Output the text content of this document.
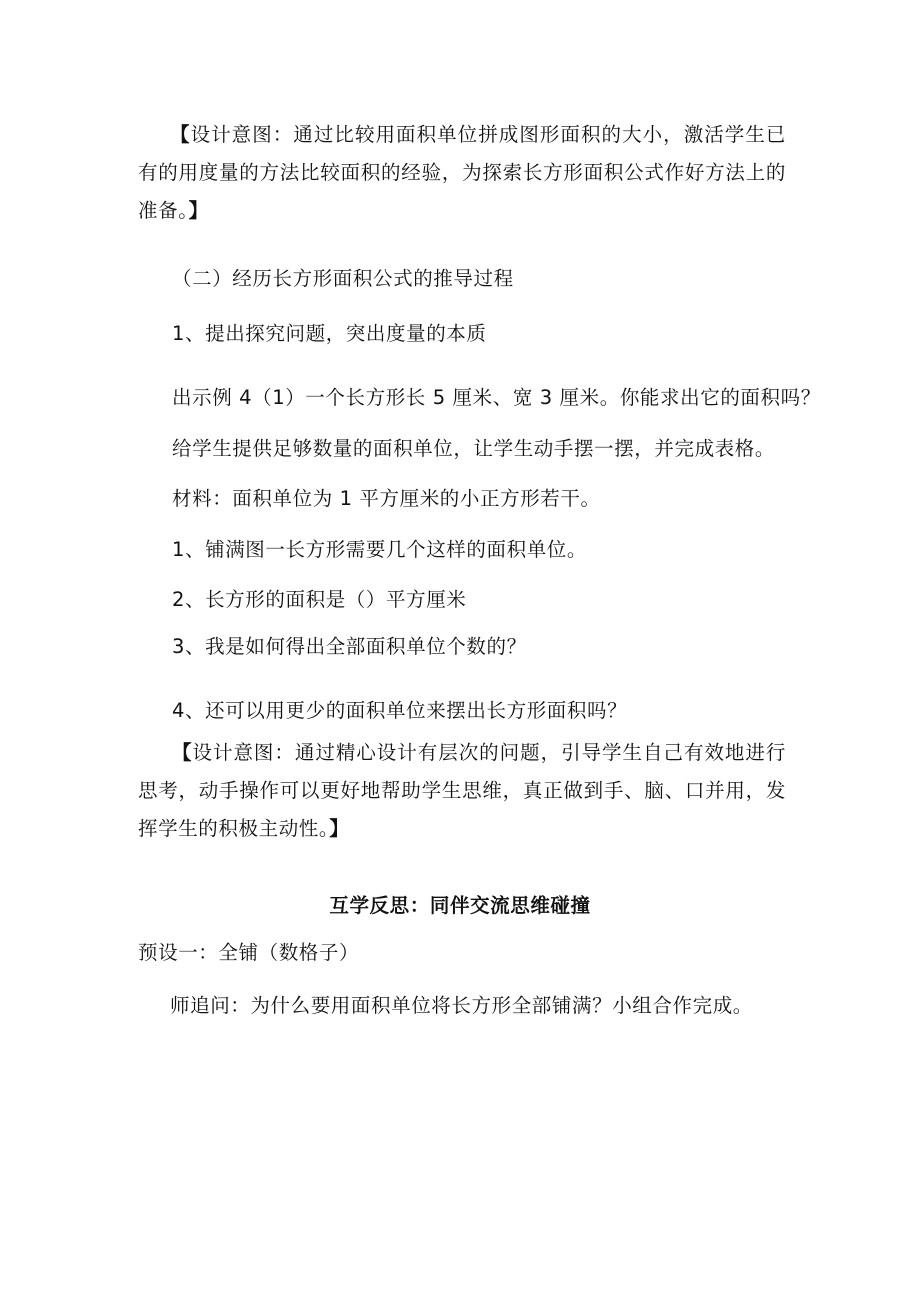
【设计意图：通过比较用面积单位拼成图形面积的大小，激活学生已有的用度量的方法比较面积的经验，为探索长方形面积公式作好方法上的准备。】
（二）经历长方形面积公式的推导过程
1、提出探究问题，突出度量的本质
出示例 4（1）一个长方形长 5 厘米、宽 3 厘米。你能求出它的面积吗？
给学生提供足够数量的面积单位，让学生动手摆一摆，并完成表格。
材料：面积单位为 1 平方厘米的小正方形若干。
1、铺满图一长方形需要几个这样的面积单位。
2、长方形的面积是（）平方厘米
3、我是如何得出全部面积单位个数的？
4、还可以用更少的面积单位来摆出长方形面积吗？
【设计意图：通过精心设计有层次的问题，引导学生自己有效地进行思考，动手操作可以更好地帮助学生思维，真正做到手、脑、口并用，发挥学生的积极主动性。】
互学反思：同伴交流思维碰撞
预设一：全铺（数格子）
师追问：为什么要用面积单位将长方形全部铺满？小组合作完成。
